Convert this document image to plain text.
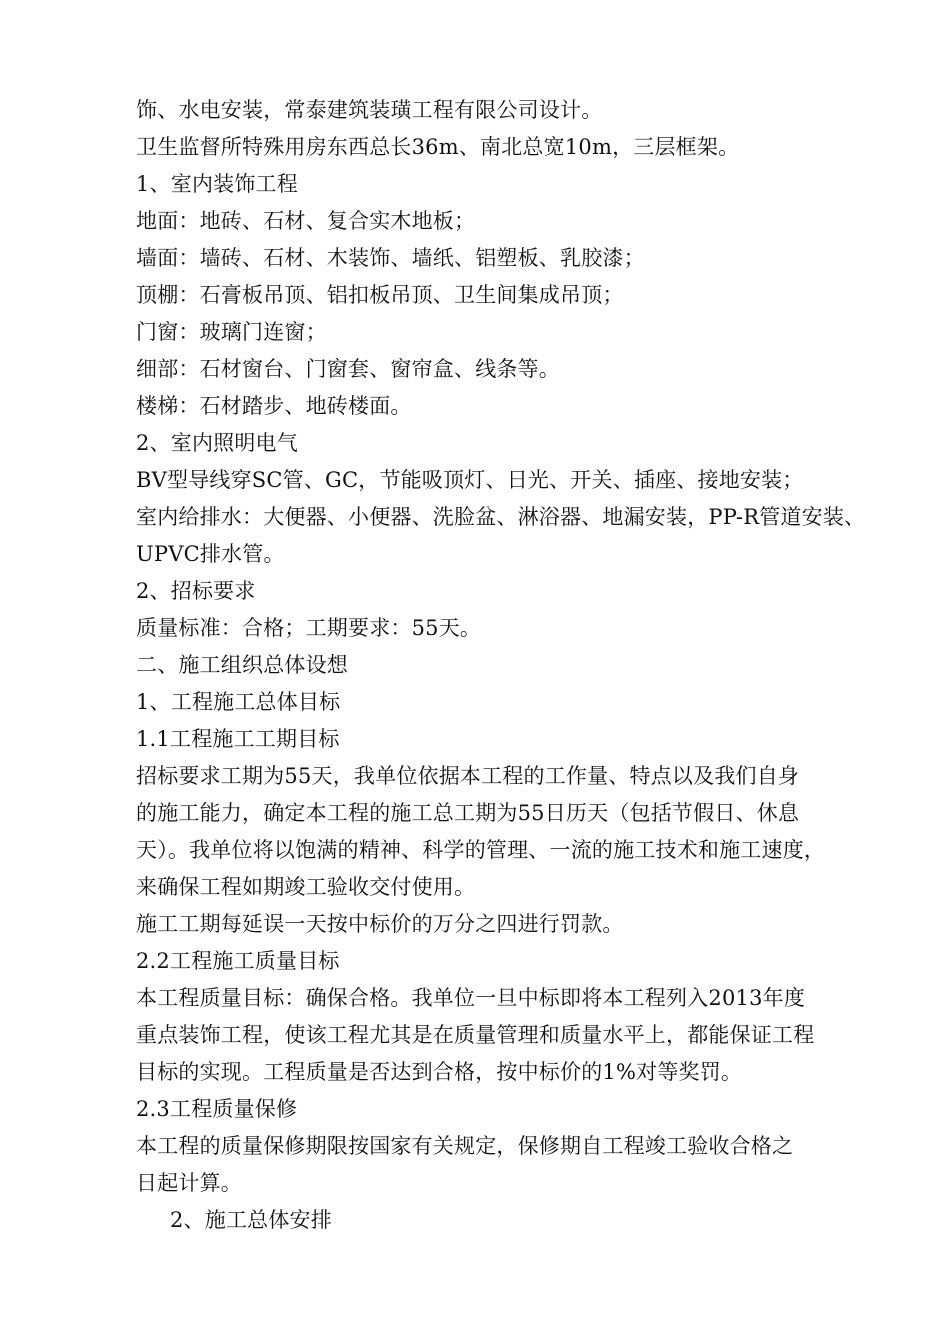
饰、水电安装，常泰建筑装璜工程有限公司设计。
卫生监督所特殊用房东西总长36m、南北总宽10m，三层框架。
1、室内装饰工程
地面：地砖、石材、复合实木地板；
墙面：墙砖、石材、木装饰、墙纸、铝塑板、乳胶漆；
顶棚：石膏板吊顶、铝扣板吊顶、卫生间集成吊顶；
门窗：玻璃门连窗；
细部：石材窗台、门窗套、窗帘盒、线条等。
楼梯：石材踏步、地砖楼面。
2、室内照明电气
BV型导线穿SC管、GC，节能吸顶灯、日光、开关、插座、接地安装；
室内给排水：大便器、小便器、洗脸盆、淋浴器、地漏安装，PP-R管道安装、
UPVC排水管。
2、招标要求
质量标准：合格；工期要求：55天。
二、施工组织总体设想
1、工程施工总体目标
1.1工程施工工期目标
招标要求工期为55天，我单位依据本工程的工作量、特点以及我们自身
的施工能力，确定本工程的施工总工期为55日历天（包括节假日、休息
天）。我单位将以饱满的精神、科学的管理、一流的施工技术和施工速度，
来确保工程如期竣工验收交付使用。
施工工期每延误一天按中标价的万分之四进行罚款。
2.2工程施工质量目标
本工程质量目标：确保合格。我单位一旦中标即将本工程列入2013年度
重点装饰工程，使该工程尤其是在质量管理和质量水平上，都能保证工程
目标的实现。工程质量是否达到合格，按中标价的1%对等奖罚。
2.3工程质量保修
本工程的质量保修期限按国家有关规定，保修期自工程竣工验收合格之
日起计算。
2、施工总体安排
